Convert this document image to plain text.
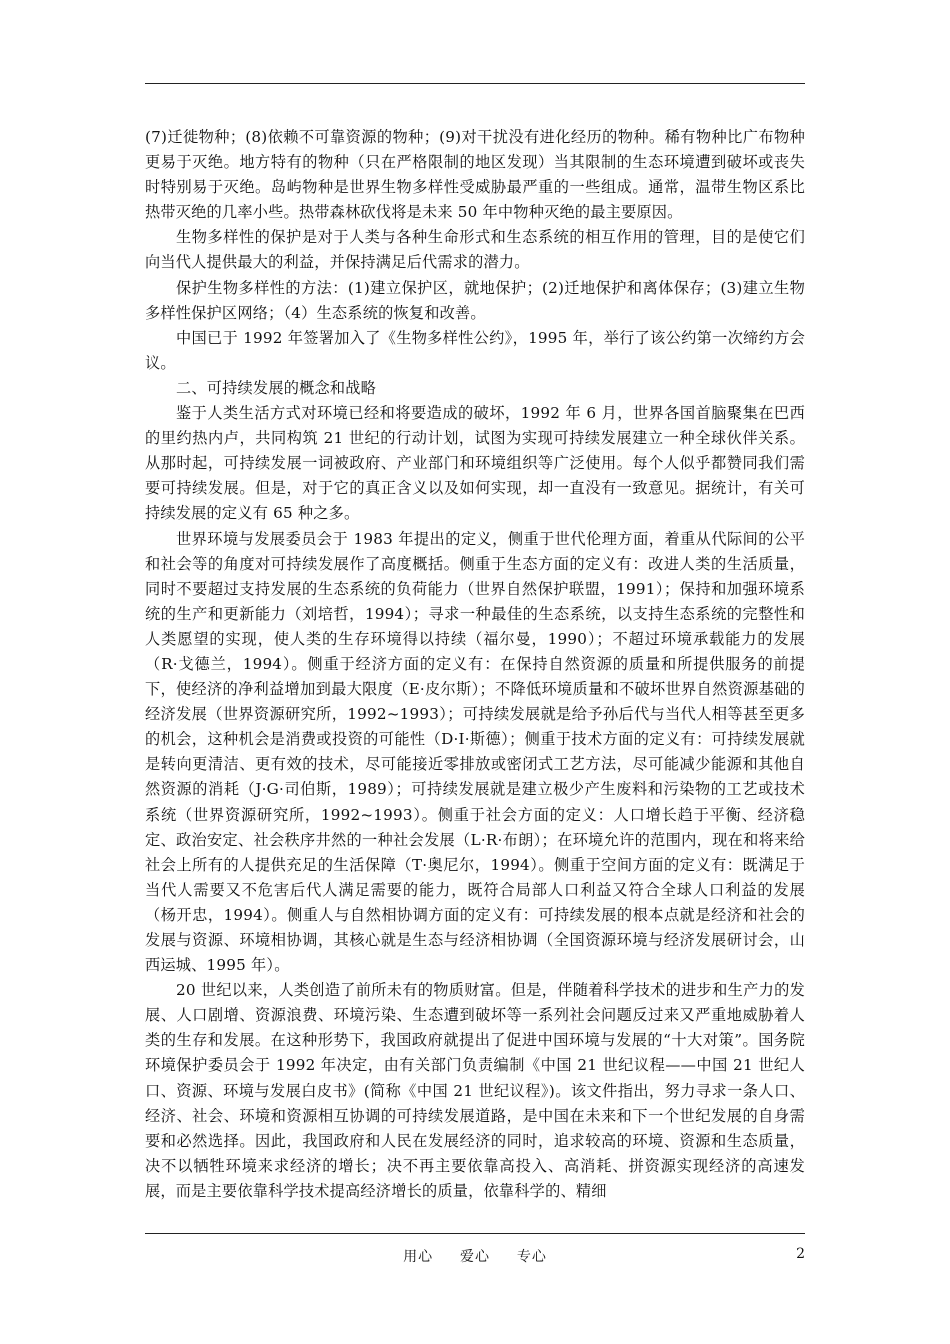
(7)迁徙物种；(8)依赖不可靠资源的物种；(9)对干扰没有进化经历的物种。稀有物种比广布物种更易于灭绝。地方特有的物种（只在严格限制的地区发现）当其限制的生态环境遭到破坏或丧失时特别易于灭绝。岛屿物种是世界生物多样性受威胁最严重的一些组成。通常，温带生物区系比热带灭绝的几率小些。热带森林砍伐将是未来 50 年中物种灭绝的最主要原因。

生物多样性的保护是对于人类与各种生命形式和生态系统的相互作用的管理，目的是使它们向当代人提供最大的利益，并保持满足后代需求的潜力。

保护生物多样性的方法：(1)建立保护区，就地保护；(2)迁地保护和离体保存；(3)建立生物多样性保护区网络；（4）生态系统的恢复和改善。

中国已于 1992 年签署加入了《生物多样性公约》，1995 年，举行了该公约第一次缔约方会议。

二、可持续发展的概念和战略

鉴于人类生活方式对环境已经和将要造成的破坏，1992 年 6 月，世界各国首脑聚集在巴西的里约热内卢，共同构筑 21 世纪的行动计划，试图为实现可持续发展建立一种全球伙伴关系。从那时起，可持续发展一词被政府、产业部门和环境组织等广泛使用。每个人似乎都赞同我们需要可持续发展。但是，对于它的真正含义以及如何实现，却一直没有一致意见。据统计，有关可持续发展的定义有 65 种之多。

世界环境与发展委员会于 1983 年提出的定义，侧重于世代伦理方面，着重从代际间的公平和社会等的角度对可持续发展作了高度概括。侧重于生态方面的定义有：改进人类的生活质量，同时不要超过支持发展的生态系统的负荷能力（世界自然保护联盟，1991）；保持和加强环境系统的生产和更新能力（刘培哲，1994）；寻求一种最佳的生态系统，以支持生态系统的完整性和人类愿望的实现，使人类的生存环境得以持续（福尔曼，1990）；不超过环境承载能力的发展（R·戈德兰，1994）。侧重于经济方面的定义有：在保持自然资源的质量和所提供服务的前提下，使经济的净利益增加到最大限度（E·皮尔斯）；不降低环境质量和不破坏世界自然资源基础的经济发展（世界资源研究所，1992~1993）；可持续发展就是给予孙后代与当代人相等甚至更多的机会，这种机会是消费或投资的可能性（D·I·斯德）；侧重于技术方面的定义有：可持续发展就是转向更清洁、更有效的技术，尽可能接近零排放或密闭式工艺方法，尽可能减少能源和其他自然资源的消耗（J·G·司伯斯，1989）；可持续发展就是建立极少产生废料和污染物的工艺或技术系统（世界资源研究所，1992~1993）。侧重于社会方面的定义：人口增长趋于平衡、经济稳定、政治安定、社会秩序井然的一种社会发展（L·R·布朗）；在环境允许的范围内，现在和将来给社会上所有的人提供充足的生活保障（T·奥尼尔，1994）。侧重于空间方面的定义有：既满足于当代人需要又不危害后代人满足需要的能力，既符合局部人口利益又符合全球人口利益的发展（杨开忠，1994）。侧重人与自然相协调方面的定义有：可持续发展的根本点就是经济和社会的发展与资源、环境相协调，其核心就是生态与经济相协调（全国资源环境与经济发展研讨会，山西运城、1995 年）。

20 世纪以来，人类创造了前所未有的物质财富。但是，伴随着科学技术的进步和生产力的发展、人口剧增、资源浪费、环境污染、生态遭到破坏等一系列社会问题反过来又严重地威胁着人类的生存和发展。在这种形势下，我国政府就提出了促进中国环境与发展的“十大对策”。国务院环境保护委员会于 1992 年决定，由有关部门负责编制《中国 21 世纪议程——中国 21 世纪人口、资源、环境与发展白皮书》(简称《中国 21 世纪议程》)。该文件指出，努力寻求一条人口、经济、社会、环境和资源相互协调的可持续发展道路，是中国在未来和下一个世纪发展的自身需要和必然选择。因此，我国政府和人民在发展经济的同时，追求较高的环境、资源和生态质量，决不以牺牲环境来求经济的增长；决不再主要依靠高投入、高消耗、拼资源实现经济的高速发展，而是主要依靠科学技术提高经济增长的质量，依靠科学的、精细

用心  爱心  专心	2
